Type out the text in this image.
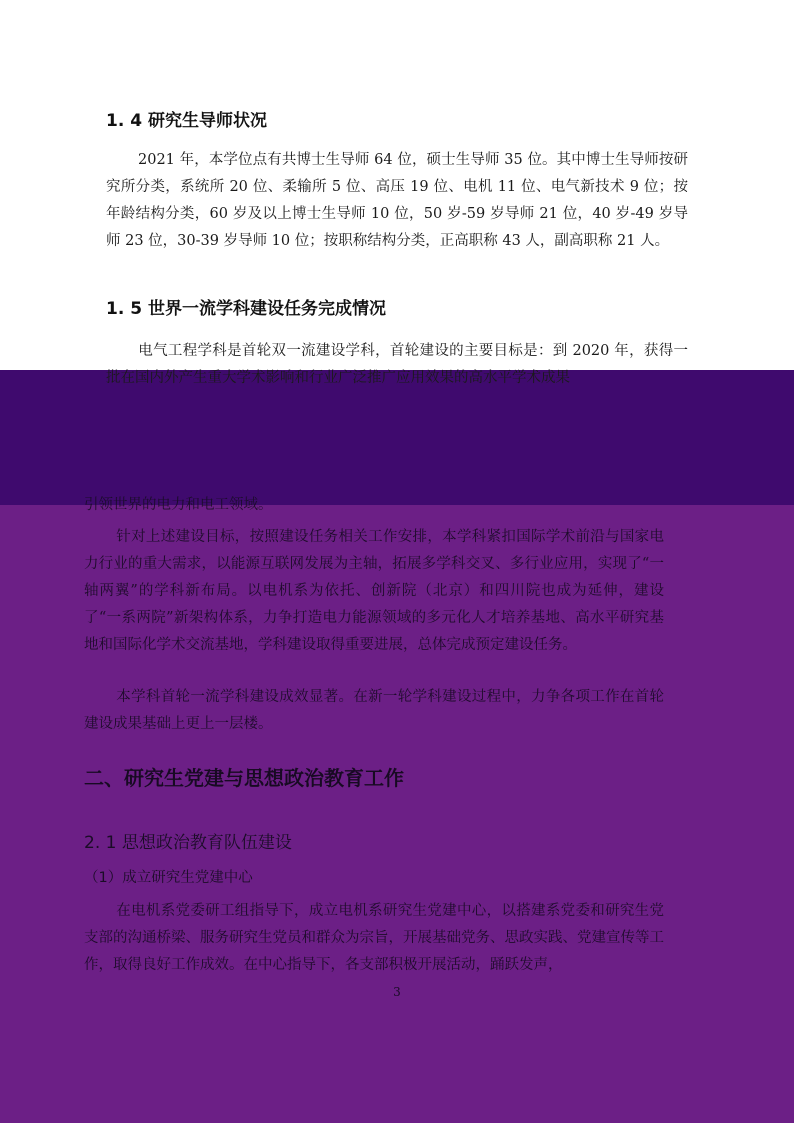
1. 4 研究生导师状况

2021 年，本学位点有共博士生导师 64 位，硕士生导师 35 位。其中博士生导师按研究所分类，系统所 20 位、柔输所 5 位、高压 19 位、电机 11 位、电气新技术 9 位；按年龄结构分类，60 岁及以上博士生导师 10 位，50 岁-59 岁导师 21 位，40 岁-49 岁导师 23 位，30-39 岁导师 10 位；按职称结构分类，正高职称 43 人，副高职称 21 人。

1. 5 世界一流学科建设任务完成情况

电气工程学科是首轮双一流建设学科，首轮建设的主要目标是：到 2020 年，获得一批在国内外产生重大学术影响和行业广泛推广应用效果的高水平学术成果

引领世界的电力和电工领域。

针对上述建设目标，按照建设任务相关工作安排，本学科紧扣国际学术前沿与国家电力行业的重大需求，以能源互联网发展为主轴，拓展多学科交叉、多行业应用，实现了“一轴两翼”的学科新布局。以电机系为依托、创新院（北京）和四川院也成为延伸，建设了“一系两院”新架构体系，力争打造电力能源领域的多元化人才培养基地、高水平研究基地和国际化学术交流基地，学科建设取得重要进展，总体完成预定建设任务。

本学科首轮一流学科建设成效显著。在新一轮学科建设过程中，力争各项工作在首轮建设成果基础上更上一层楼。

二、研究生党建与思想政治教育工作
2. 1 思想政治教育队伍建设
（1）成立研究生党建中心

在电机系党委研工组指导下，成立电机系研究生党建中心，以搭建系党委和研究生党支部的沟通桥梁、服务研究生党员和群众为宗旨，开展基础党务、思政实践、党建宣传等工作，取得良好工作成效。在中心指导下，各支部积极开展活动，踊跃发声，

3
